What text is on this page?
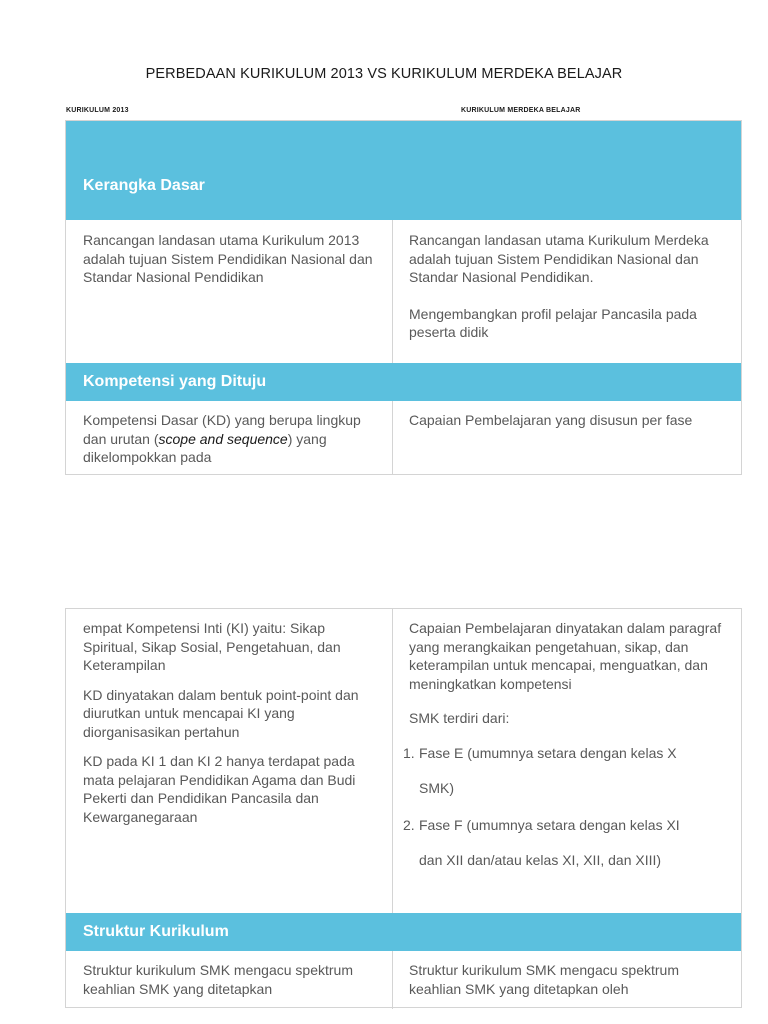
PERBEDAAN KURIKULUM 2013 VS KURIKULUM MERDEKA BELAJAR
KURIKULUM 2013	KURIKULUM MERDEKA BELAJAR
Kerangka Dasar

Rancangan landasan utama Kurikulum 2013 adalah tujuan Sistem Pendidikan Nasional dan Standar Nasional Pendidikan

Rancangan landasan utama Kurikulum Merdeka adalah tujuan Sistem Pendidikan Nasional dan Standar Nasional Pendidikan.

Mengembangkan profil pelajar Pancasila pada peserta didik

Kompetensi yang Dituju

Kompetensi Dasar (KD) yang berupa lingkup dan urutan (scope and sequence) yang dikelompokkan pada

Capaian Pembelajaran yang disusun per fase

empat Kompetensi Inti (KI) yaitu: Sikap Spiritual, Sikap Sosial, Pengetahuan, dan Keterampilan

KD dinyatakan dalam bentuk point-point dan diurutkan untuk mencapai KI yang diorganisasikan pertahun

KD pada KI 1 dan KI 2 hanya terdapat pada mata pelajaran Pendidikan Agama dan Budi Pekerti dan Pendidikan Pancasila dan Kewarganegaraan

Capaian Pembelajaran dinyatakan dalam paragraf yang merangkaikan pengetahuan, sikap, dan keterampilan untuk mencapai, menguatkan, dan meningkatkan kompetensi

SMK terdiri dari:

1. Fase E (umumnya setara dengan kelas X
SMK)
2. Fase F (umumnya setara dengan kelas XI
dan XII dan/atau kelas XI, XII, dan XIII)
Struktur Kurikulum

Struktur kurikulum SMK mengacu spektrum keahlian SMK yang ditetapkan

Struktur kurikulum SMK mengacu spektrum keahlian SMK yang ditetapkan oleh
